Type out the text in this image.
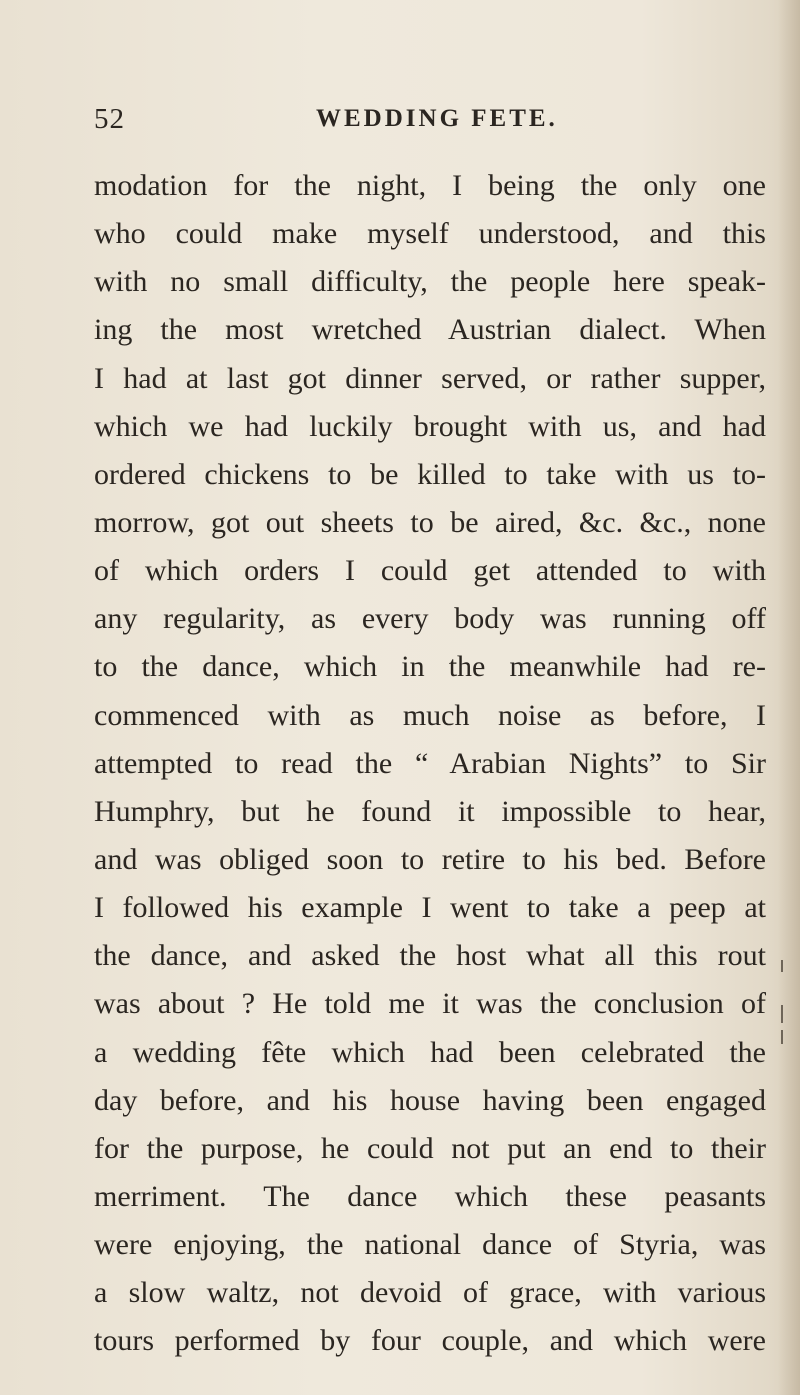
52	WEDDING FETE.
modation for the night, I being the only one
who could make myself understood, and this
with no small difficulty, the people here speak-
ing the most wretched Austrian dialect. When
I had at last got dinner served, or rather supper,
which we had luckily brought with us, and had
ordered chickens to be killed to take with us to-
morrow, got out sheets to be aired, &c. &c., none
of which orders I could get attended to with
any regularity, as every body was running off
to the dance, which in the meanwhile had re-
commenced with as much noise as before, I
attempted to read the “ Arabian Nights” to Sir
Humphry, but he found it impossible to hear,
and was obliged soon to retire to his bed. Before
I followed his example I went to take a peep at
the dance, and asked the host what all this rout
was about ? He told me it was the conclusion of
a wedding fête which had been celebrated the
day before, and his house having been engaged
for the purpose, he could not put an end to their
merriment. The dance which these peasants
were enjoying, the national dance of Styria, was
a slow waltz, not devoid of grace, with various
tours performed by four couple, and which were
